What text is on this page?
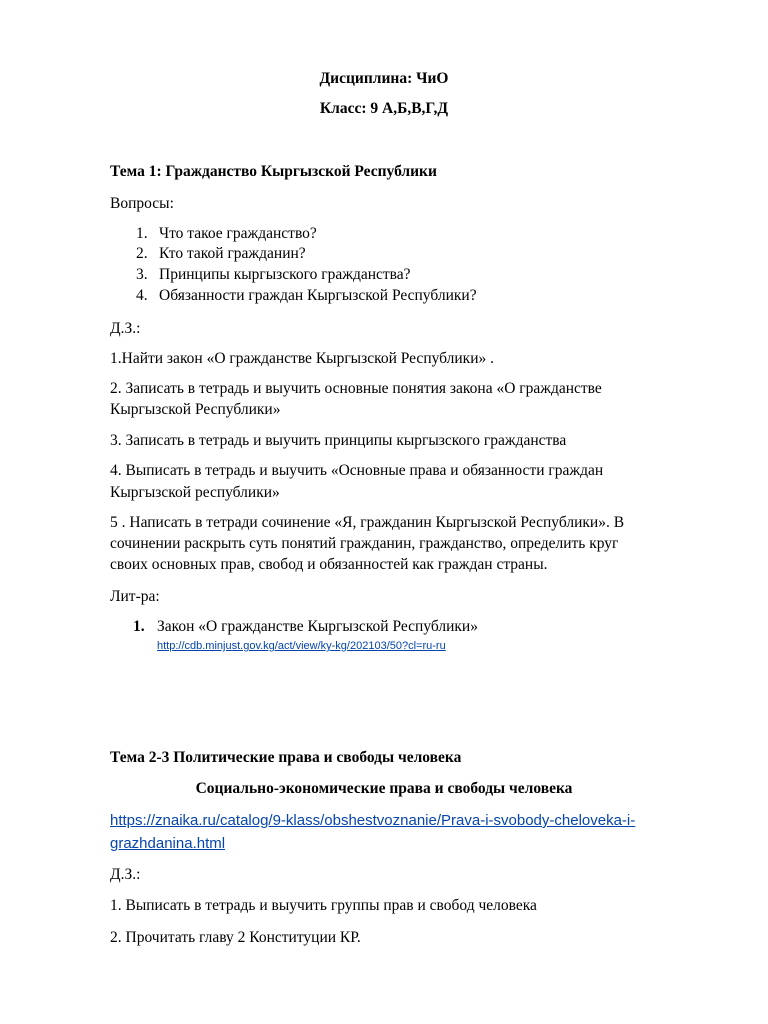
Дисциплина: ЧиО
Класс: 9 А,Б,В,Г,Д
Тема 1: Гражданство Кыргызской Республики
Вопросы:
1. Что такое гражданство?
2. Кто такой гражданин?
3. Принципы кыргызского гражданства?
4. Обязанности граждан Кыргызской Республики?
Д.З.:
1.Найти закон «О гражданстве Кыргызской Республики» .
2. Записать в тетрадь и выучить основные понятия закона «О гражданстве
Кыргызской Республики»
3. Записать в тетрадь и выучить принципы кыргызского гражданства
4. Выписать в тетрадь и выучить «Основные права и обязанности граждан
Кыргызской республики»
5 . Написать в тетради сочинение «Я, гражданин Кыргызской Республики». В
сочинении раскрыть суть понятий гражданин, гражданство, определить круг
своих основных прав, свобод и обязанностей как граждан страны.
Лит-ра:
1. Закон «О гражданстве Кыргызской Республики»
http://cdb.minjust.gov.kg/act/view/ky-kg/202103/50?cl=ru-ru
Тема 2-3 Политические права и свободы человека
Социально-экономические права и свободы человека
https://znaika.ru/catalog/9-klass/obshestvoznanie/Prava-i-svobody-cheloveka-i-
grazhdanina.html
Д.З.:
1. Выписать в тетрадь и выучить группы прав и свобод человека
2. Прочитать главу 2 Конституции КР.
